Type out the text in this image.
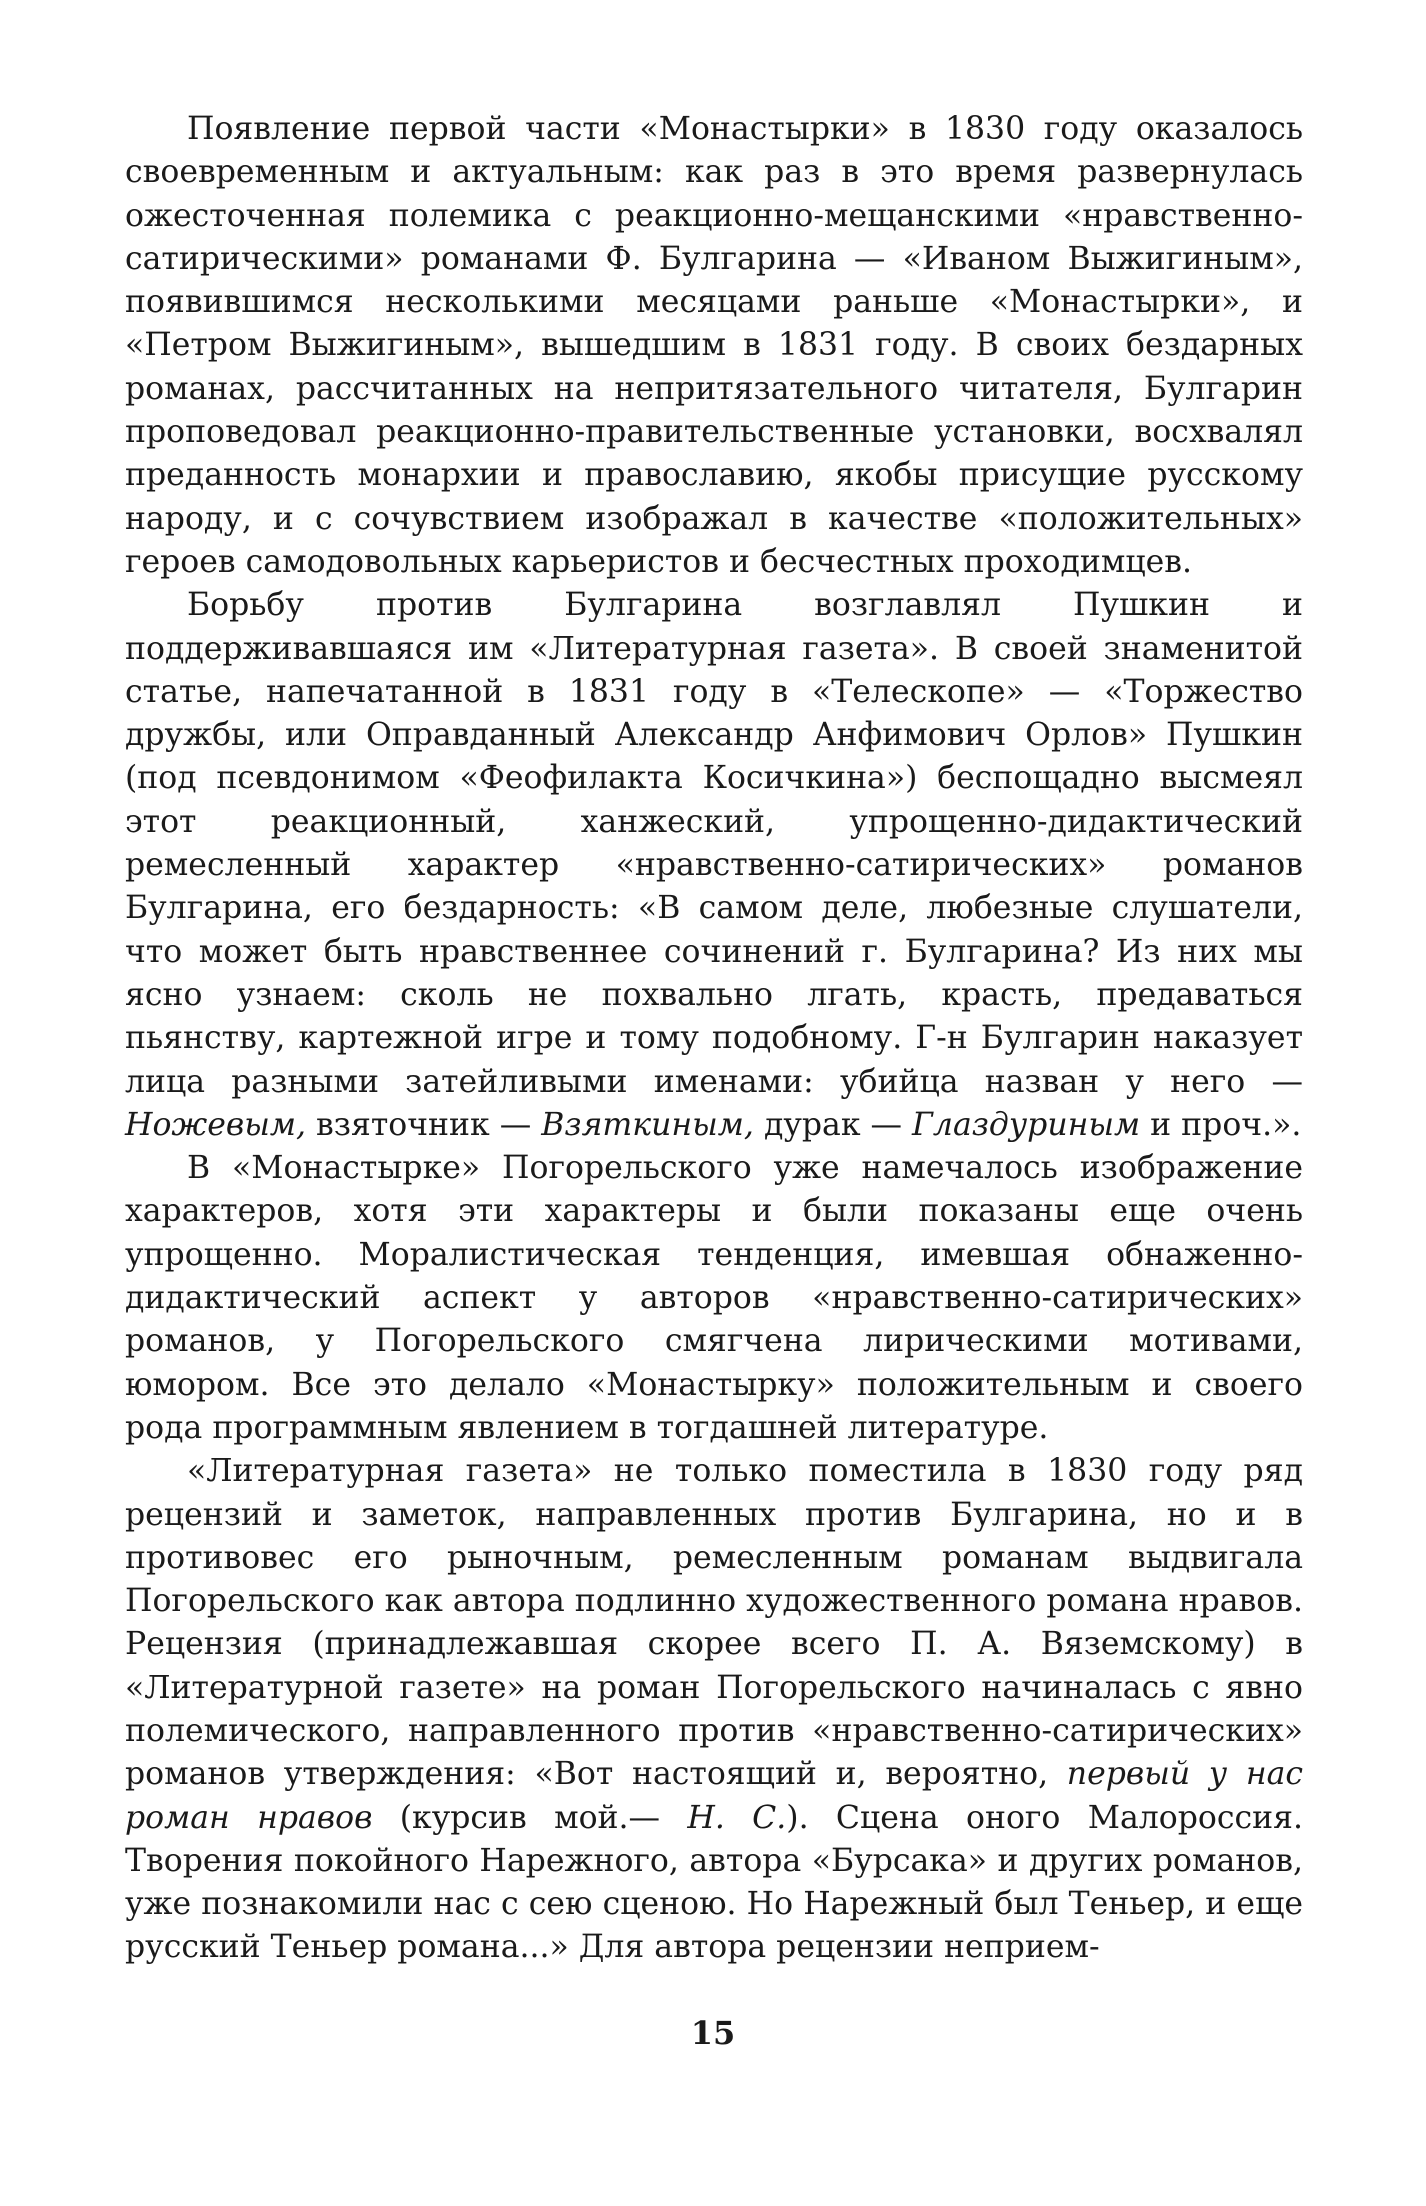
Появление первой части «Монастырки» в 1830 году оказалось своевременным и актуальным: как раз в это время развернулась ожесточенная полемика с реакционно-мещанскими «нравственно-сатирическими» романами Ф. Булгарина — «Иваном Выжигиным», появившимся несколькими месяцами раньше «Монастырки», и «Петром Выжигиным», вышедшим в 1831 году. В своих бездарных романах, рассчитанных на непритязательного читателя, Булгарин проповедовал реакционно-правительственные установки, восхвалял преданность монархии и православию, якобы присущие русскому народу, и с сочувствием изображал в качестве «положительных» героев самодовольных карьеристов и бесчестных проходимцев.

Борьбу против Булгарина возглавлял Пушкин и поддерживавшаяся им «Литературная газета». В своей знаменитой статье, напечатанной в 1831 году в «Телескопе» — «Торжество дружбы, или Оправданный Александр Анфимович Орлов» Пушкин (под псевдонимом «Феофилакта Косичкина») беспощадно высмеял этот реакционный, ханжеский, упрощенно-дидактический ремесленный характер «нравственно-сатирических» романов Булгарина, его бездарность: «В самом деле, любезные слушатели, что может быть нравственнее сочинений г. Булгарина? Из них мы ясно узнаем: сколь не похвально лгать, красть, предаваться пьянству, картежной игре и тому подобному. Г-н Булгарин наказует лица разными затейливыми именами: убийца назван у него — Ножевым, взяточник — Взяткиным, дурак — Глаздуриным и проч.».

В «Монастырке» Погорельского уже намечалось изображение характеров, хотя эти характеры и были показаны еще очень упрощенно. Моралистическая тенденция, имевшая обнаженно-дидактический аспект у авторов «нравственно-сатирических» романов, у Погорельского смягчена лирическими мотивами, юмором. Все это делало «Монастырку» положительным и своего рода программным явлением в тогдашней литературе.

«Литературная газета» не только поместила в 1830 году ряд рецензий и заметок, направленных против Булгарина, но и в противовес его рыночным, ремесленным романам выдвигала Погорельского как автора подлинно художественного романа нравов. Рецензия (принадлежавшая скорее всего П. А. Вяземскому) в «Литературной газете» на роман Погорельского начиналась с явно полемического, направленного против «нравственно-сатирических» романов утверждения: «Вот настоящий и, вероятно, первый у нас роман нравов (курсив мой.— Н. С.). Сцена оного Малороссия. Творения покойного Нарежного, автора «Бурсака» и других романов, уже познакомили нас с сею сценою. Но Нарежный был Теньер, и еще русский Теньер романа...» Для автора рецензии неприем-

15
